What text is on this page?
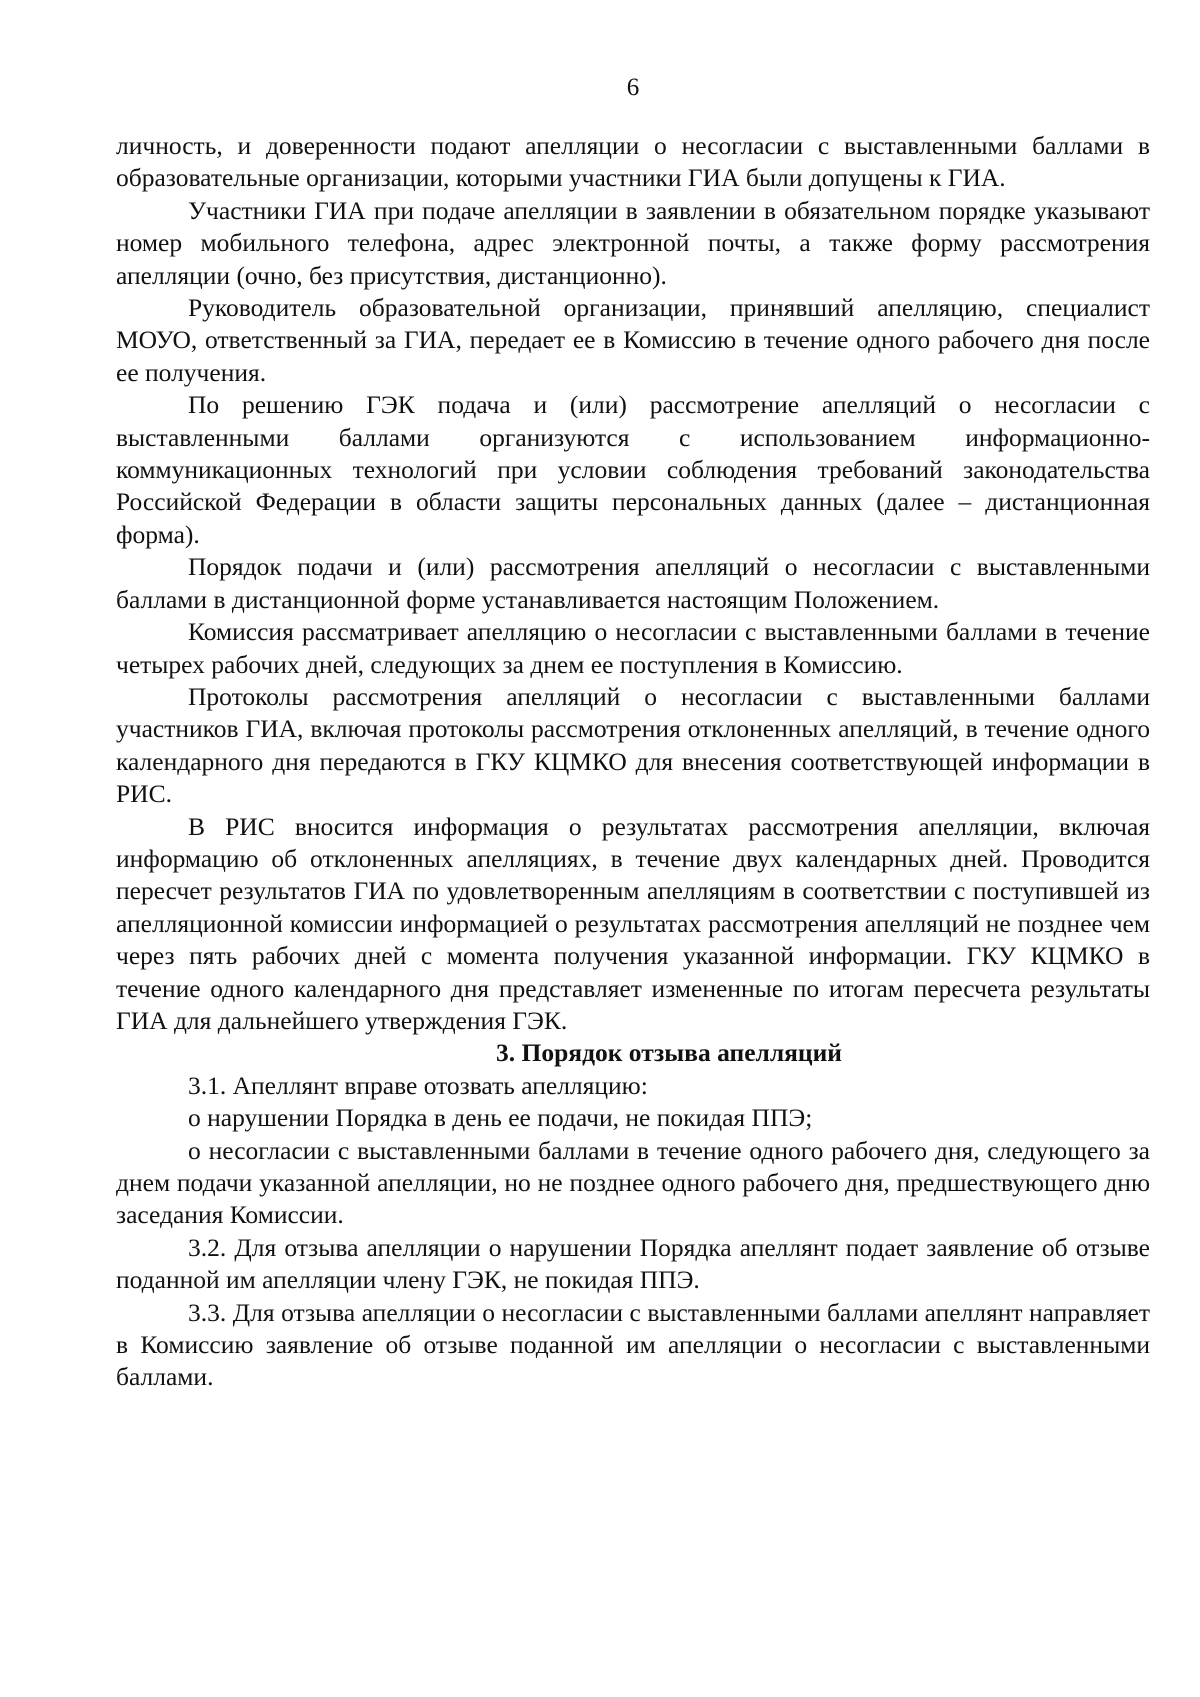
6

личность, и доверенности подают апелляции о несогласии с выставленными баллами в образовательные организации, которыми участники ГИА были допущены к ГИА.

Участники ГИА при подаче апелляции в заявлении в обязательном порядке указывают номер мобильного телефона, адрес электронной почты, а также форму рассмотрения апелляции (очно, без присутствия, дистанционно).

Руководитель образовательной организации, принявший апелляцию, специалист МОУО, ответственный за ГИА, передает ее в Комиссию в течение одного рабочего дня после ее получения.

По решению ГЭК подача и (или) рассмотрение апелляций о несогласии с выставленными баллами организуются с использованием информационно-коммуникационных технологий при условии соблюдения требований законодательства Российской Федерации в области защиты персональных данных (далее – дистанционная форма).

Порядок подачи и (или) рассмотрения апелляций о несогласии с выставленными баллами в дистанционной форме устанавливается настоящим Положением.

Комиссия рассматривает апелляцию о несогласии с выставленными баллами в течение четырех рабочих дней, следующих за днем ее поступления в Комиссию.

Протоколы рассмотрения апелляций о несогласии с выставленными баллами участников ГИА, включая протоколы рассмотрения отклоненных апелляций, в течение одного календарного дня передаются в ГКУ КЦМКО для внесения соответствующей информации в РИС.

В РИС вносится информация о результатах рассмотрения апелляции, включая информацию об отклоненных апелляциях, в течение двух календарных дней. Проводится пересчет результатов ГИА по удовлетворенным апелляциям в соответствии с поступившей из апелляционной комиссии информацией о результатах рассмотрения апелляций не позднее чем через пять рабочих дней с момента получения указанной информации. ГКУ КЦМКО в течение одного календарного дня представляет измененные по итогам пересчета результаты ГИА для дальнейшего утверждения ГЭК.

3. Порядок отзыва апелляций

3.1. Апеллянт вправе отозвать апелляцию:

о нарушении Порядка в день ее подачи, не покидая ППЭ;

о несогласии с выставленными баллами в течение одного рабочего дня, следующего за днем подачи указанной апелляции, но не позднее одного рабочего дня, предшествующего дню заседания Комиссии.

3.2. Для отзыва апелляции о нарушении Порядка апеллянт подает заявление об отзыве поданной им апелляции члену ГЭК, не покидая ППЭ.

3.3. Для отзыва апелляции о несогласии с выставленными баллами апеллянт направляет в Комиссию заявление об отзыве поданной им апелляции о несогласии с выставленными баллами.
